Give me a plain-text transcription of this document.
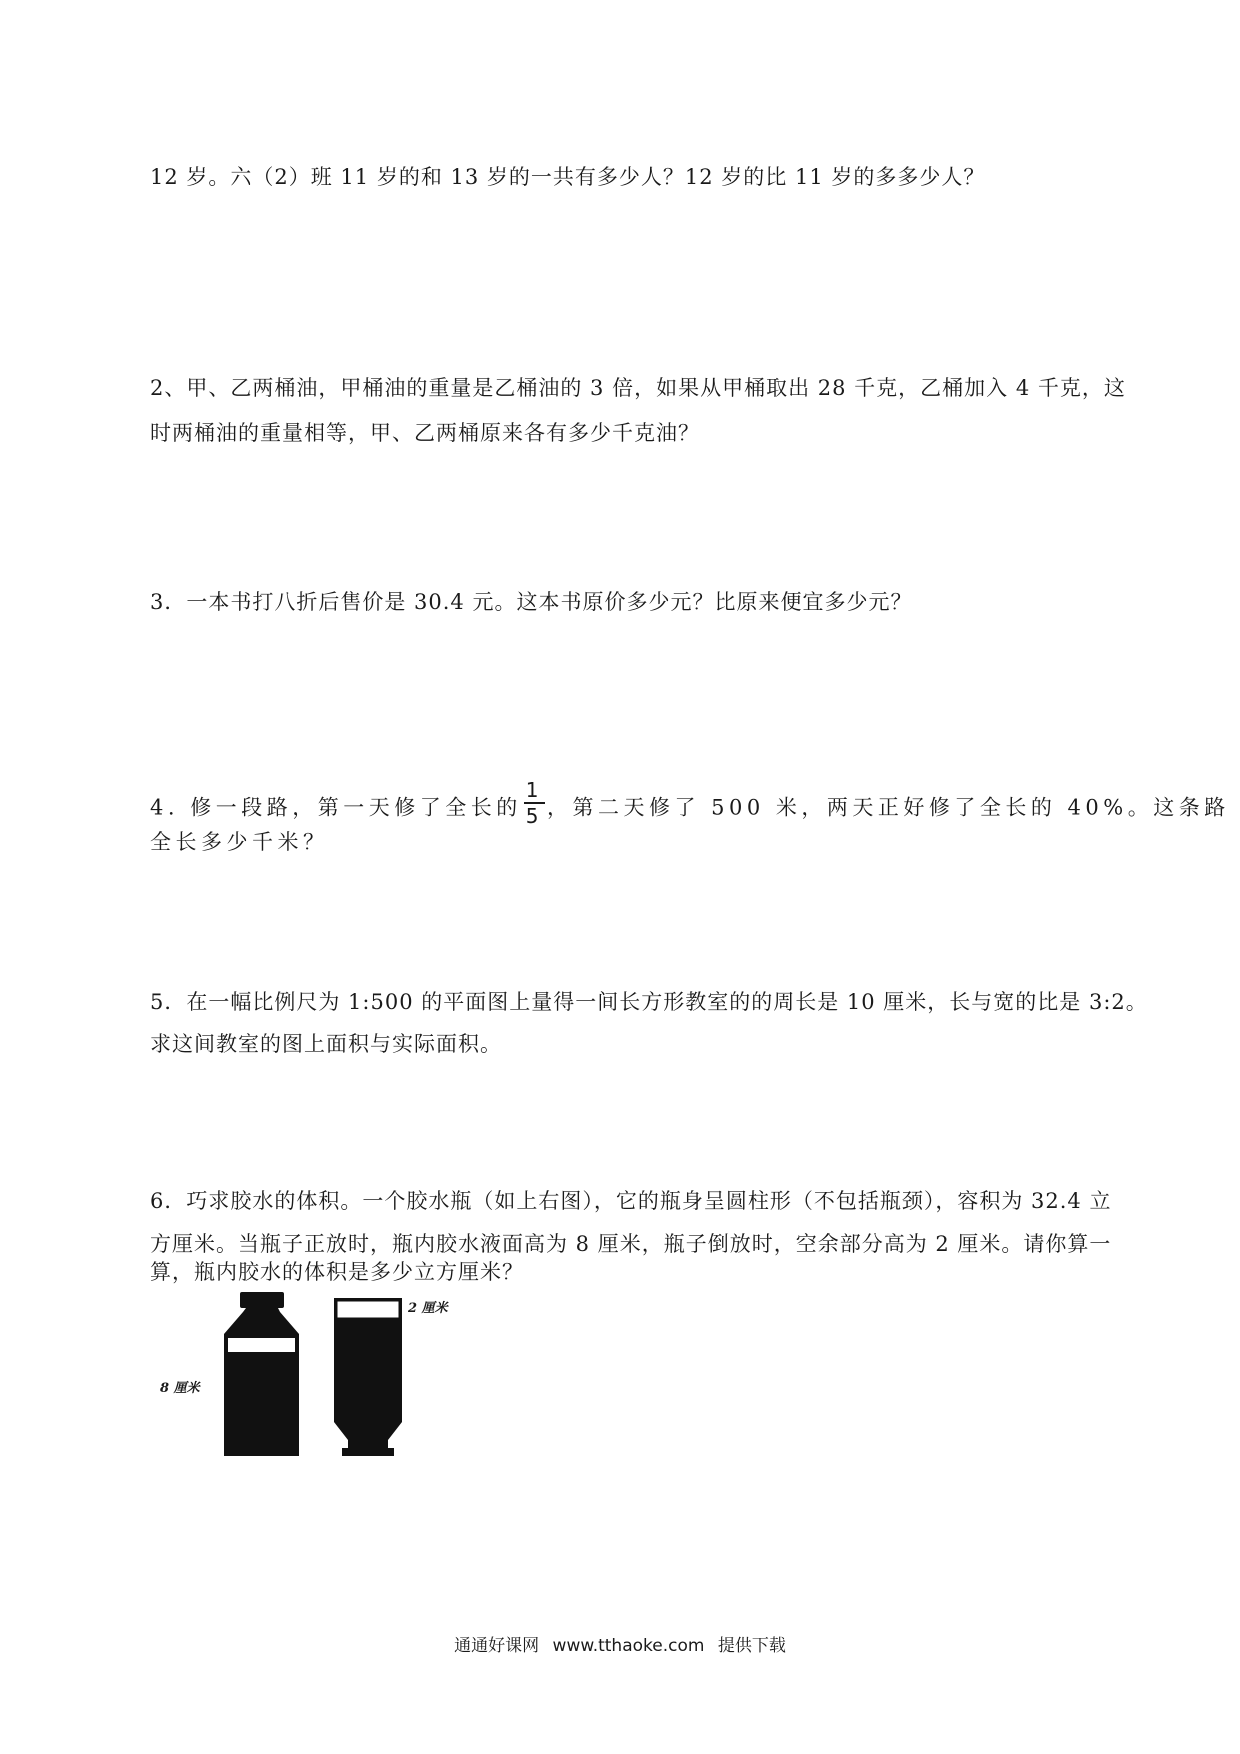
12 岁。六（2）班 11 岁的和 13 岁的一共有多少人？12 岁的比 11 岁的多多少人？
2、甲、乙两桶油，甲桶油的重量是乙桶油的 3 倍，如果从甲桶取出 28 千克，乙桶加入 4 千克，这
时两桶油的重量相等，甲、乙两桶原来各有多少千克油？
3．一本书打八折后售价是 30.4 元。这本书原价多少元？比原来便宜多少元？
4. 修一段路，第一天修了全长的 $\frac{1}{5}$ ，第二天修了 500 米，两天正好修了全长的 40%。这条路
全长多少千米？
5．在一幅比例尺为 1:500 的平面图上量得一间长方形教室的的周长是 10 厘米，长与宽的比是 3:2。
求这间教室的图上面积与实际面积。
6．巧求胶水的体积。一个胶水瓶（如上右图），它的瓶身呈圆柱形（不包括瓶颈），容积为 32.4 立
方厘米。当瓶子正放时，瓶内胶水液面高为 8 厘米，瓶子倒放时，空余部分高为 2 厘米。请你算一
8 厘米
2 厘米
通通好课网 www.tthaoke.com 提供下载
算，瓶内胶水的体积是多少立方厘米？
